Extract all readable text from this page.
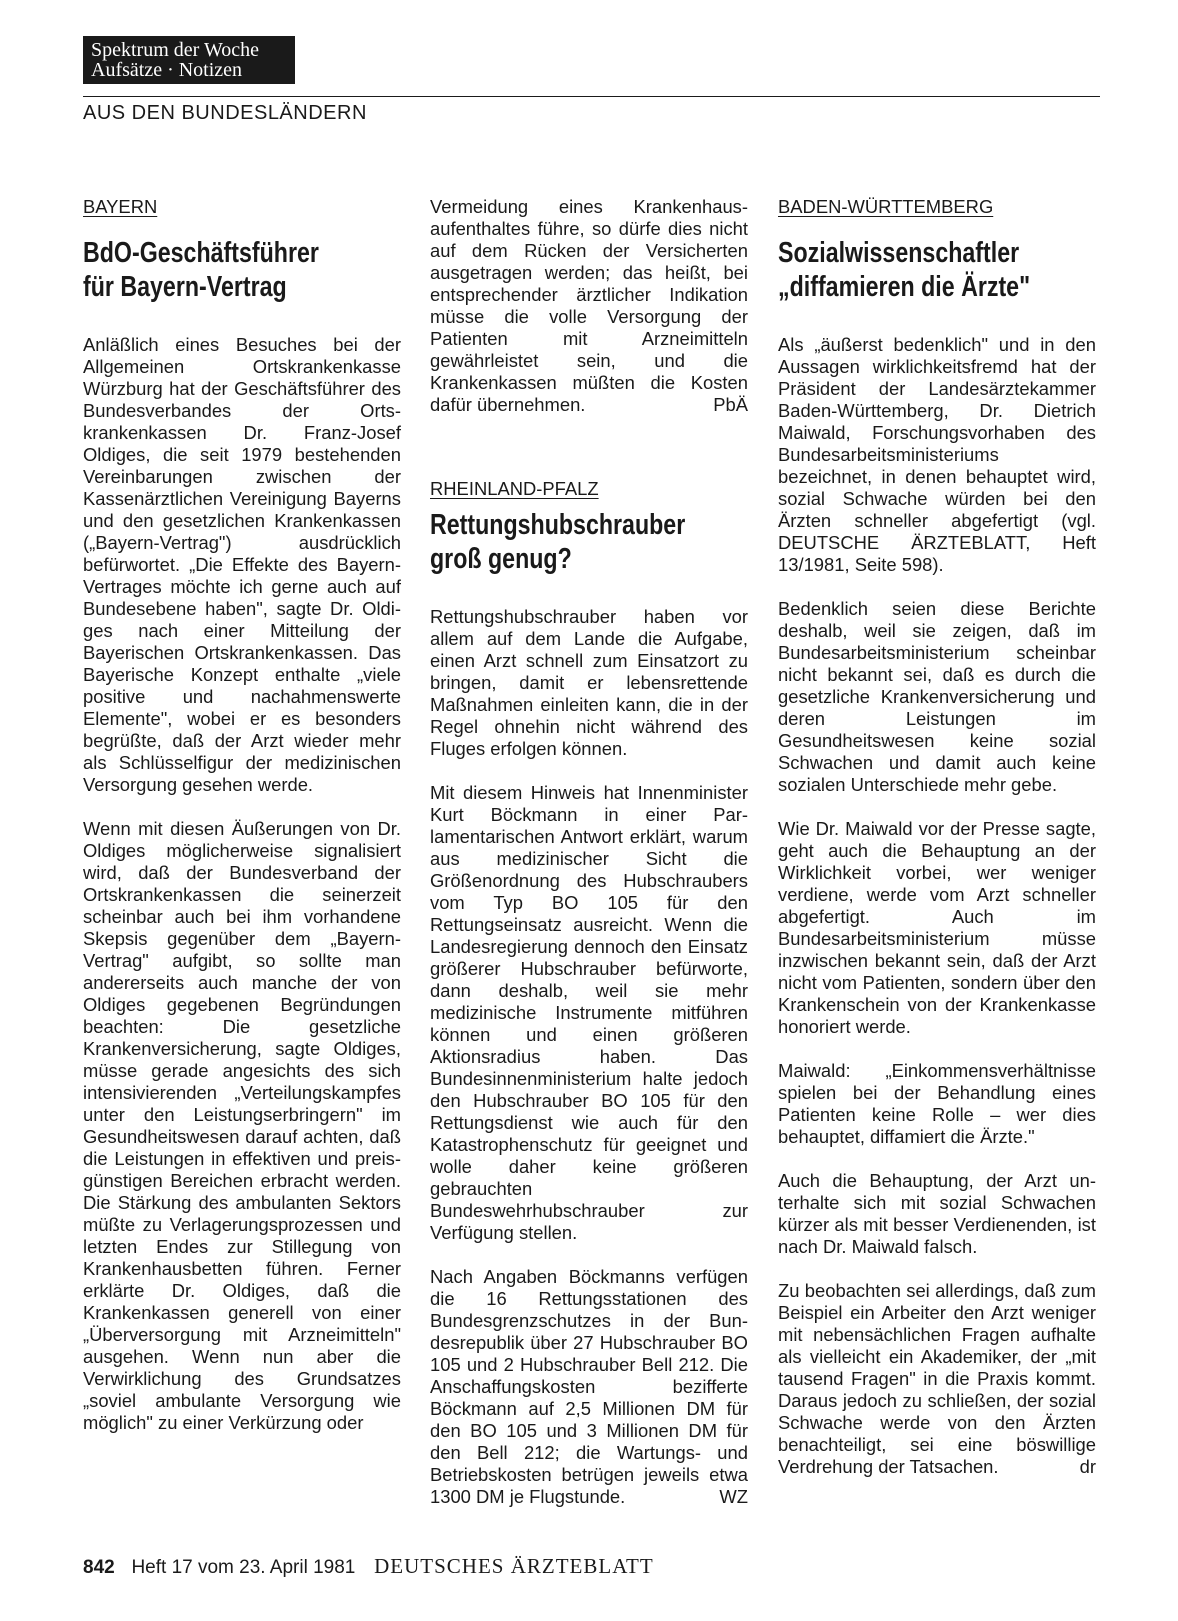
Spektrum der Woche
Aufsätze · Notizen
AUS DEN BUNDESLÄNDERN
BAYERN
BdO-Geschäftsführer
für Bayern-Vertrag

Anläßlich eines Besuches bei der Allgemeinen Ortskrankenkasse Würzburg hat der Geschäftsführer des Bundesverbandes der Ortskrankenkassen Dr. Franz-Josef Oldiges, die seit 1979 bestehenden Vereinbarungen zwischen der Kassenärztlichen Vereinigung Bayerns und den gesetzlichen Krankenkassen („Bayern-Vertrag") ausdrücklich befürwortet. „Die Effekte des Bayern-Vertrages möchte ich gerne auch auf Bundesebene haben", sagte Dr. Oldiges nach einer Mitteilung der Bayerischen Ortskrankenkassen. Das Bayerische Konzept enthalte „viele positive und nachahmenswerte Elemente", wobei er es besonders begrüßte, daß der Arzt wieder mehr als Schlüsselfigur der medizinischen Versorgung gesehen werde.

Wenn mit diesen Äußerungen von Dr. Oldiges möglicherweise signalisiert wird, daß der Bundesverband der Ortskrankenkassen die seinerzeit scheinbar auch bei ihm vorhandene Skepsis gegenüber dem „Bayern-Vertrag" aufgibt, so sollte man andererseits auch manche der von Oldiges gegebenen Begründungen beachten: Die gesetzliche Krankenversicherung, sagte Oldiges, müsse gerade angesichts des sich intensivierenden „Verteilungskampfes unter den Leistungserbringern" im Gesundheitswesen darauf achten, daß die Leistungen in effektiven und preisgünstigen Bereichen erbracht werden. Die Stärkung des ambulanten Sektors müßte zu Verlagerungsprozessen und letzten Endes zur Stillegung von Krankenhausbetten führen. Ferner erklärte Dr. Oldiges, daß die Krankenkassen generell von einer „Überversorgung mit Arzneimitteln" ausgehen. Wenn nun aber die Verwirklichung des Grundsatzes „soviel ambulante Versorgung wie möglich" zu einer Verkürzung oder

Vermeidung eines Krankenhausaufenthaltes führe, so dürfe dies nicht auf dem Rücken der Versicherten ausgetragen werden; das heißt, bei entsprechender ärztlicher Indikation müsse die volle Versorgung der Patienten mit Arzneimitteln gewährleistet sein, und die Krankenkassen müßten die Kosten dafür übernehmen.	PbÄ

RHEINLAND-PFALZ
Rettungshubschrauber
groß genug?

Rettungshubschrauber haben vor allem auf dem Lande die Aufgabe, einen Arzt schnell zum Einsatzort zu bringen, damit er lebensrettende Maßnahmen einleiten kann, die in der Regel ohnehin nicht während des Fluges erfolgen können.

Mit diesem Hinweis hat Innenminister Kurt Böckmann in einer Parlamentarischen Antwort erklärt, warum aus medizinischer Sicht die Größenordnung des Hubschraubers vom Typ BO 105 für den Rettungseinsatz ausreicht. Wenn die Landesregierung dennoch den Einsatz größerer Hubschrauber befürworte, dann deshalb, weil sie mehr medizinische Instrumente mitführen können und einen größeren Aktionsradius haben. Das Bundesinnenministerium halte jedoch den Hubschrauber BO 105 für den Rettungsdienst wie auch für den Katastrophenschutz für geeignet und wolle daher keine größeren gebrauchten Bundeswehrhubschrauber zur Verfügung stellen.

Nach Angaben Böckmanns verfügen die 16 Rettungsstationen des Bundesgrenzschutzes in der Bundesrepublik über 27 Hubschrauber BO 105 und 2 Hubschrauber Bell 212. Die Anschaffungskosten bezifferte Böckmann auf 2,5 Millionen DM für den BO 105 und 3 Millionen DM für den Bell 212; die Wartungs- und Betriebskosten betrügen jeweils etwa 1300 DM je Flugstunde.	WZ

BADEN-WÜRTTEMBERG
Sozialwissenschaftler
„diffamieren die Ärzte"

Als „äußerst bedenklich" und in den Aussagen wirklichkeitsfremd hat der Präsident der Landesärztekammer Baden-Württemberg, Dr. Dietrich Maiwald, Forschungsvorhaben des Bundesarbeitsministeriums bezeichnet, in denen behauptet wird, sozial Schwache würden bei den Ärzten schneller abgefertigt (vgl. DEUTSCHE ÄRZTEBLATT, Heft 13/1981, Seite 598).

Bedenklich seien diese Berichte deshalb, weil sie zeigen, daß im Bundesarbeitsministerium scheinbar nicht bekannt sei, daß es durch die gesetzliche Krankenversicherung und deren Leistungen im Gesundheitswesen keine sozial Schwachen und damit auch keine sozialen Unterschiede mehr gebe.

Wie Dr. Maiwald vor der Presse sagte, geht auch die Behauptung an der Wirklichkeit vorbei, wer weniger verdiene, werde vom Arzt schneller abgefertigt. Auch im Bundesarbeitsministerium müsse inzwischen bekannt sein, daß der Arzt nicht vom Patienten, sondern über den Krankenschein von der Krankenkasse honoriert werde.

Maiwald: „Einkommensverhältnisse spielen bei der Behandlung eines Patienten keine Rolle – wer dies behauptet, diffamiert die Ärzte."

Auch die Behauptung, der Arzt unterhalte sich mit sozial Schwachen kürzer als mit besser Verdienenden, ist nach Dr. Maiwald falsch.

Zu beobachten sei allerdings, daß zum Beispiel ein Arbeiter den Arzt weniger mit nebensächlichen Fragen aufhalte als vielleicht ein Akademiker, der „mit tausend Fragen" in die Praxis kommt. Daraus jedoch zu schließen, der sozial Schwache werde von den Ärzten benachteiligt, sei eine böswillige Verdrehung der Tatsachen.	dr

842 Heft 17 vom 23. April 1981 DEUTSCHES ÄRZTEBLATT
